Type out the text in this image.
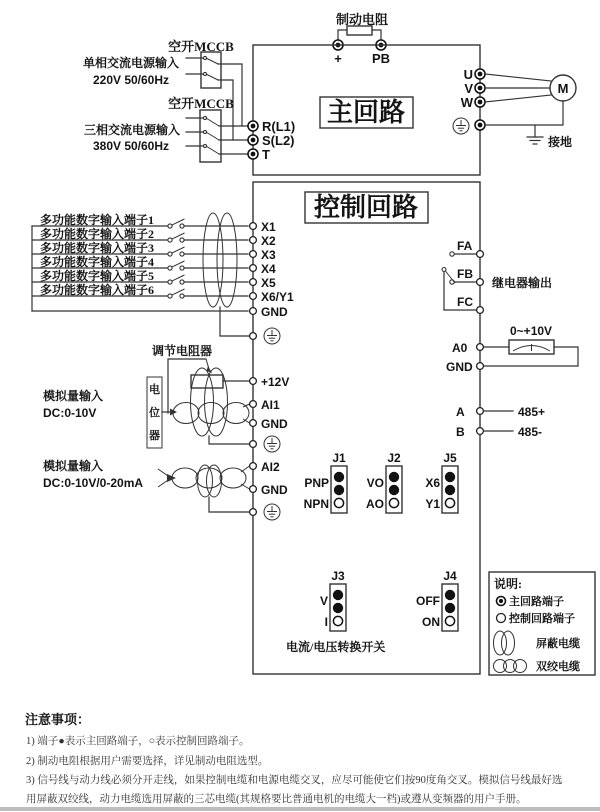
制动电阻
+ PB
主回路
空开MCCB
单相交流电源输入
220V 50/60Hz
空开MCCB
三相交流电源输入
380V 50/60Hz
R(L1)
S(L2)
T
U
V
W
M
接地
控制回路
多功能数字输入端子1
多功能数字输入端子2
多功能数字输入端子3
多功能数字输入端子4
多功能数字输入端子5
多功能数字输入端子6
X1
X2
X3
X4
X5
X6/Y1
GND
调节电阻器
电
位
器
模拟量输入
DC:0-10V
+12V
AI1
GND
模拟量输入
DC:0-10V/0-20mA
AI2
GND
FA
FB
FC
继电器输出
0~+10V
A0
GND
A
B
485+
485-
J1
PNP
NPN
J2
VO
AO
J5
X6
Y1
J3
V
I
J4
OFF
ON
电流/电压转换开关
说明:
主回路端子
控制回路端子
屏蔽电缆
双绞电缆
注意事项：
1) 端子●表示主回路端子，○表示控制回路端子。
2) 制动电阻根据用户需要选择，详见制动电阻选型。
3) 信号线与动力线必须分开走线，如果控制电缆和电源电缆交叉，应尽可能使它们按90度角交叉。模拟信号线最好选
用屏蔽双绞线，动力电缆选用屏蔽的三芯电缆(其规格要比普通电机的电缆大一档)或遵从变频器的用户手册。
